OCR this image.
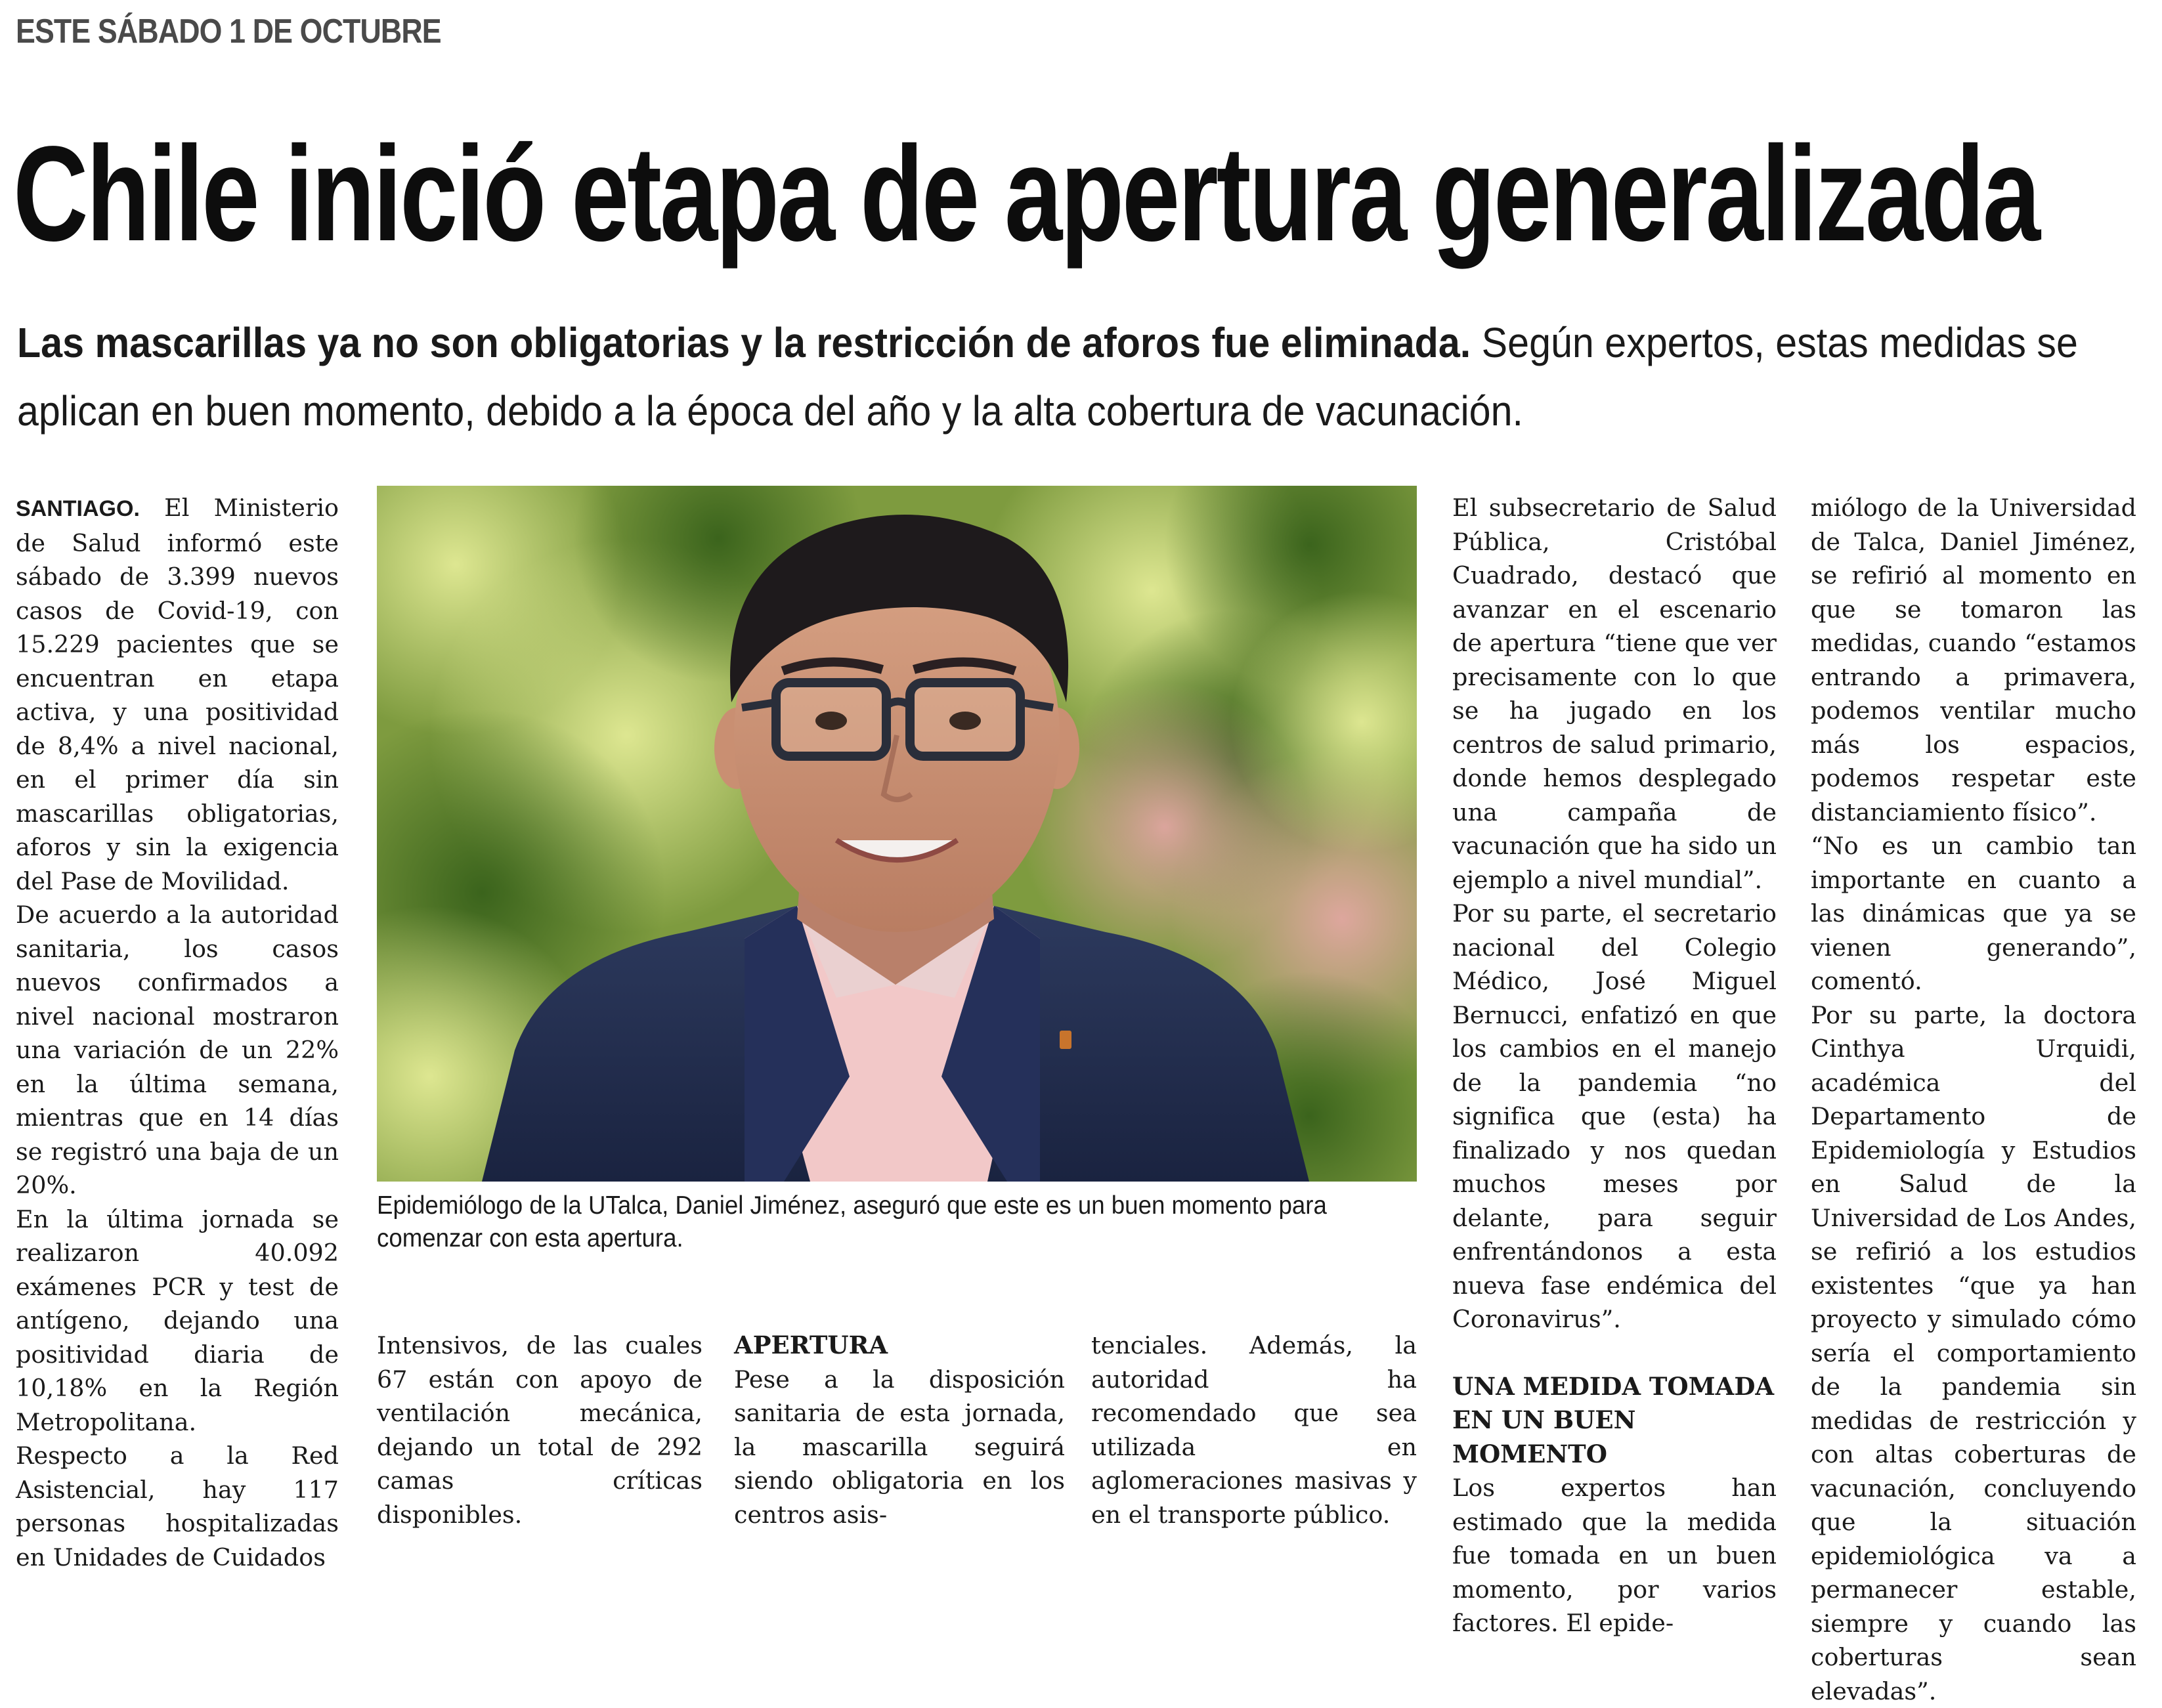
ESTE SÁBADO 1 DE OCTUBRE
Chile inició etapa de apertura generalizada
Las mascarillas ya no son obligatorias y la restricción de aforos fue eliminada. Según expertos, estas medidas se aplican en buen momento, debido a la época del año y la alta cobertura de vacunación.

SANTIAGO. El Ministerio de Salud informó este sábado de 3.399 nuevos casos de Covid-19, con 15.229 pacientes que se encuentran en etapa activa, y una positividad de 8,4% a nivel nacional, en el primer día sin mascarillas obligatorias, aforos y sin la exigencia del Pase de Movilidad.

De acuerdo a la autoridad sanitaria, los casos nuevos confirmados a nivel nacional mostraron una variación de un 22% en la última semana, mientras que en 14 días se registró una baja de un 20%.

En la última jornada se realizaron 40.092 exámenes PCR y test de antígeno, dejando una positividad diaria de 10,18% en la Región Metropolitana.

Respecto a la Red Asistencial, hay 117 personas hospitalizadas en Unidades de Cuidados

Epidemiólogo de la UTalca, Daniel Jiménez, aseguró que este es un buen momento para comenzar con esta apertura.

Intensivos, de las cuales 67 están con apoyo de ventilación mecánica, dejando un total de 292 camas críticas disponibles.

APERTURA

Pese a la disposición sanitaria de esta jornada, la mascarilla seguirá siendo obligatoria en los centros asis-

tenciales. Además, la autoridad ha recomendado que sea utilizada en aglomeraciones masivas y en el transporte público.

El subsecretario de Salud Pública, Cristóbal Cuadrado, destacó que avanzar en el escenario de apertura “tiene que ver precisamente con lo que se ha jugado en los centros de salud primario, donde hemos desplegado una campaña de vacunación que ha sido un ejemplo a nivel mundial”.

Por su parte, el secretario nacional del Colegio Médico, José Miguel Bernucci, enfatizó en que los cambios en el manejo de la pandemia “no significa que (esta) ha finalizado y nos quedan muchos meses por delante, para seguir enfrentándonos a esta nueva fase endémica del Coronavirus”.

UNA MEDIDA TOMADA EN UN BUEN MOMENTO

Los expertos han estimado que la medida fue tomada en un buen momento, por varios factores. El epide-

miólogo de la Universidad de Talca, Daniel Jiménez, se refirió al momento en que se tomaron las medidas, cuando “estamos entrando a primavera, podemos ventilar mucho más los espacios, podemos respetar este distanciamiento físico”.

“No es un cambio tan importante en cuanto a las dinámicas que ya se vienen generando”, comentó.

Por su parte, la doctora Cinthya Urquidi, académica del Departamento de Epidemiología y Estudios en Salud de la Universidad de Los Andes, se refirió a los estudios existentes “que ya han proyecto y simulado cómo sería el comportamiento de la pandemia sin medidas de restricción y con altas coberturas de vacunación, concluyendo que la situación epidemiológica va a permanecer estable, siempre y cuando las coberturas sean elevadas”.
